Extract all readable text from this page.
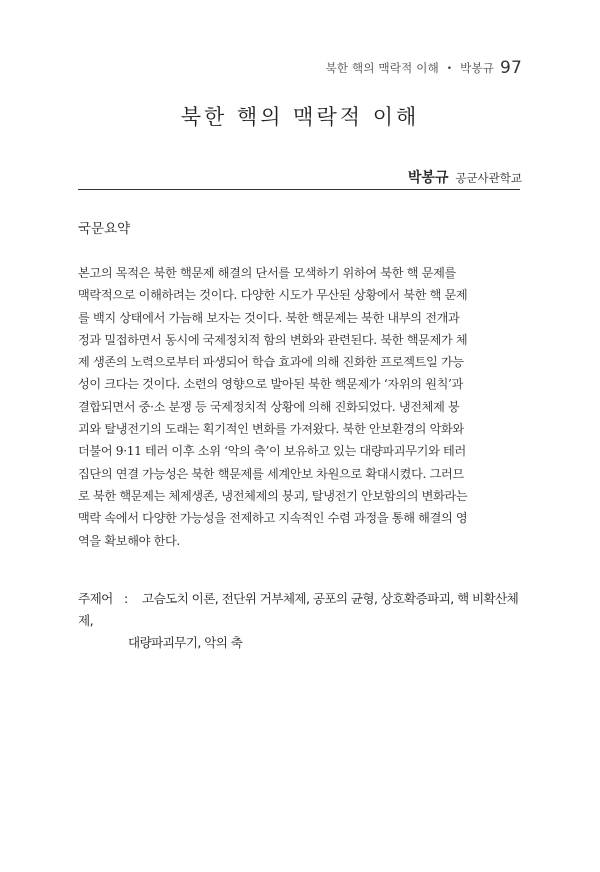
북한 핵의 맥락적 이해 • 박봉규 97
북한 핵의 맥락적 이해
박봉규 공군사관학교
국문요약
본고의 목적은 북한 핵문제 해결의 단서를 모색하기 위하여 북한 핵 문제를
맥락적으로 이해하려는 것이다. 다양한 시도가 무산된 상황에서 북한 핵 문제
를 백지 상태에서 가늠해 보자는 것이다. 북한 핵문제는 북한 내부의 전개과
정과 밀접하면서 동시에 국제정치적 함의 변화와 관련된다. 북한 핵문제가 체
제 생존의 노력으로부터 파생되어 학습 효과에 의해 진화한 프로젝트일 가능
성이 크다는 것이다. 소련의 영향으로 발아된 북한 핵문제가 ‘자위의 원칙’과
결합되면서 중·소 분쟁 등 국제정치적 상황에 의해 진화되었다. 냉전체제 붕
괴와 탈냉전기의 도래는 획기적인 변화를 가져왔다. 북한 안보환경의 악화와
더불어 9·11 테러 이후 소위 ‘악의 축’이 보유하고 있는 대량파괴무기와 테러
집단의 연결 가능성은 북한 핵문제를 세계안보 차원으로 확대시켰다. 그러므
로 북한 핵문제는 체제생존, 냉전체제의 붕괴, 탈냉전기 안보함의의 변화라는
맥락 속에서 다양한 가능성을 전제하고 지속적인 수렴 과정을 통해 해결의 영
역을 확보해야 한다.
주제어 : 고슴도치 이론, 전단위 거부체제, 공포의 균형, 상호확증파괴, 핵 비확산체제,
대량파괴무기, 악의 축
